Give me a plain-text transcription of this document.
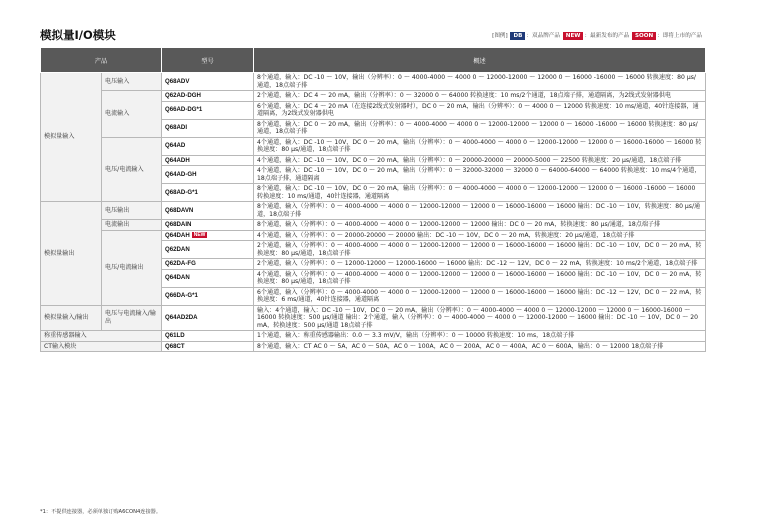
模拟量I/O模块	[图例] DB ：双品牌产品 NEW ：最新发布的产品 SOON ：即将上市的产品
产品		型号	概述
模拟量输入	电压输入	Q68ADV	8个通道，输入：DC -10 ～ 10V，输出（分辨率）：0 ～ 4000-4000 ～ 4000 0 ～ 12000-12000 ～ 12000 0 ～ 16000 -16000 ～ 16000 转换速度：80 μs/通道，18点端子排
	电流输入	Q62AD-DGH	2个通道，输入：DC 4 ～ 20 mA，输出（分辨率）：0 ～ 32000 0 ～ 64000 转换速度：10 ms/2个通道，18点端子排，通道隔离，为2线式发射器供电
		Q66AD-DG*1	6个通道，输入：DC 4 ～ 20 mA（在连接2线式发射器时），DC 0 ～ 20 mA，输出（分辨率）：0 ～ 4000 0 ～ 12000 转换速度：10 ms/通道，40针连接器，通道隔离，为2线式发射器供电
		Q68ADI	8个通道，输入：DC 0 ～ 20 mA，输出（分辨率）：0 ～ 4000-4000 ～ 4000 0 ～ 12000-12000 ～ 12000 0 ～ 16000 -16000 ～ 16000 转换速度：80 μs/通道，18点端子排
	电压/电流输入	Q64AD	4个通道，输入：DC -10 ～ 10V，DC 0 ～ 20 mA，输出（分辨率）：0 ～ 4000-4000 ～ 4000 0 ～ 12000-12000 ～ 12000 0 ～ 16000-16000 ～ 16000 转换速度：80 μs/通道，18点端子排
		Q64ADH	4个通道，输入：DC -10 ～ 10V，DC 0 ～ 20 mA，输出（分辨率）：0 ～ 20000-20000 ～ 20000-5000 ～ 22500 转换速度：20 μs/通道，18点端子排
		Q64AD-GH	4个通道，输入：DC -10 ～ 10V，DC 0 ～ 20 mA，输出（分辨率）：0 ～ 32000-32000 ～ 32000 0 ～ 64000-64000 ～ 64000 转换速度：10 ms/4个通道，18点端子排，通道隔离
		Q68AD-G*1	8个通道，输入：DC -10 ～ 10V，DC 0 ～ 20 mA，输出（分辨率）：0 ～ 4000-4000 ～ 4000 0 ～ 12000-12000 ～ 12000 0 ～ 16000 -16000 ～ 16000 转换速度：10 ms/通道，40针连接器，通道隔离
模拟量输出	电压输出	Q68DAVN	8个通道，输入（分辨率）：0 ～ 4000-4000 ～ 4000 0 ～ 12000-12000 ～ 12000 0 ～ 16000-16000 ～ 16000 输出：DC -10 ～ 10V，转换速度：80 μs/通道，18点端子排
	电流输出	Q68DAIN	8个通道，输入（分辨率）：0 ～ 4000-4000 ～ 4000 0 ～ 12000-12000 ～ 12000 输出：DC 0 ～ 20 mA，转换速度：80 μs/通道，18点端子排
	电压/电流输出	Q64DAH NEW	4个通道，输入（分辨率）：0 ～ 20000-20000 ～ 20000 输出：DC -10 ～ 10V，DC 0 ～ 20 mA，转换速度：20 μs/通道，18点端子排
		Q62DAN	2个通道，输入（分辨率）：0 ～ 4000-4000 ～ 4000 0 ～ 12000-12000 ～ 12000 0 ～ 16000-16000 ～ 16000 输出：DC -10 ～ 10V，DC 0 ～ 20 mA，转换速度：80 μs/通道，18点端子排
		Q62DA-FG	2个通道，输入（分辨率）：0 ～ 12000-12000 ～ 12000-16000 ～ 16000 输出：DC -12 ～ 12V，DC 0 ～ 22 mA，转换速度：10 ms/2个通道，18点端子排
		Q64DAN	4个通道，输入（分辨率）：0 ～ 4000-4000 ～ 4000 0 ～ 12000-12000 ～ 12000 0 ～ 16000-16000 ～ 16000 输出：DC -10 ～ 10V，DC 0 ～ 20 mA，转换速度：80 μs/通道，18点端子排
		Q66DA-G*1	6个通道，输入（分辨率）：0 ～ 4000-4000 ～ 4000 0 ～ 12000-12000 ～ 12000 0 ～ 16000-16000 ～ 16000 输出：DC -12 ～ 12V，DC 0 ～ 22 mA，转换速度：6 ms/通道，40针连接器，通道隔离
模拟量输入/输出	电压与电流输入/输出	Q64AD2DA	输入：4个通道，输入：DC -10 ～ 10V，DC 0 ～ 20 mA，输出（分辨率）：0 ～ 4000-4000 ～ 4000 0 ～ 12000-12000 ～ 12000 0 ～ 16000-16000 ～ 16000 转换速度：500 μs/通道 输出：2个通道，输入（分辨率）：0 ～ 4000-4000 ～ 4000 0 ～ 12000-12000 ～ 16000 输出：DC -10 ～ 10V，DC 0 ～ 20 mA，转换速度：500 μs/通道 18点端子排
称重传感器输入		Q61LD	1个通道，输入：称重传感器输出：0.0 ～ 3.3 mV/V，输出（分辨率）：0 ～ 10000 转换速度：10 ms，18点端子排
CT输入模块		Q68CT	8个通道，输入：CT AC 0 ～ 5A，AC 0 ～ 50A，AC 0 ～ 100A，AC 0 ～ 200A，AC 0 ～ 400A，AC 0 ～ 600A，输出：0 ～ 12000 18点端子排
*1：不提供连接器，必须单独订购A6CON4连接器。
